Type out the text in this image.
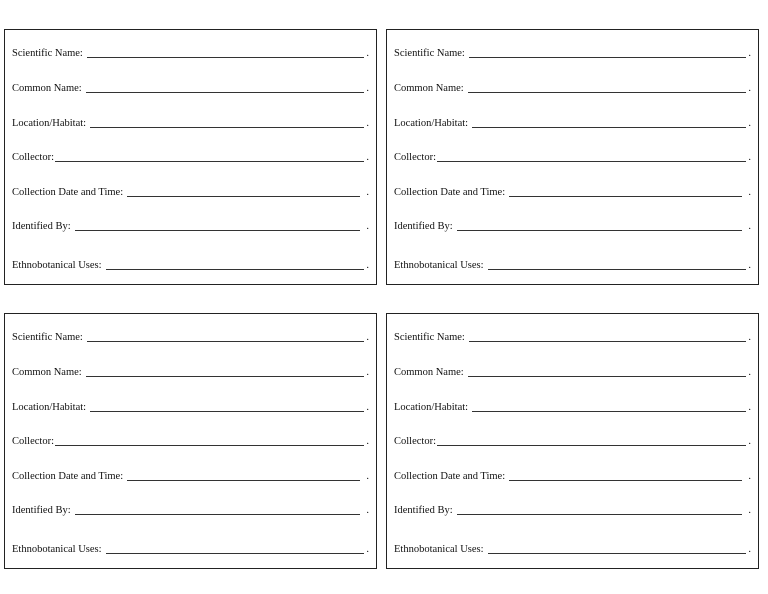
Scientific Name:	.
Common Name:	.
Location/Habitat:	.
Collector:	.
Collection Date and Time:	.
Identified By:	.
Ethnobotanical Uses:	.
Scientific Name:	.
Common Name:	.
Location/Habitat:	.
Collector:	.
Collection Date and Time:	.
Identified By:	.
Ethnobotanical Uses:	.
Scientific Name:	.
Common Name:	.
Location/Habitat:	.
Collector:	.
Collection Date and Time:	.
Identified By:	.
Ethnobotanical Uses:	.
Scientific Name:	.
Common Name:	.
Location/Habitat:	.
Collector:	.
Collection Date and Time:	.
Identified By:	.
Ethnobotanical Uses:	.
